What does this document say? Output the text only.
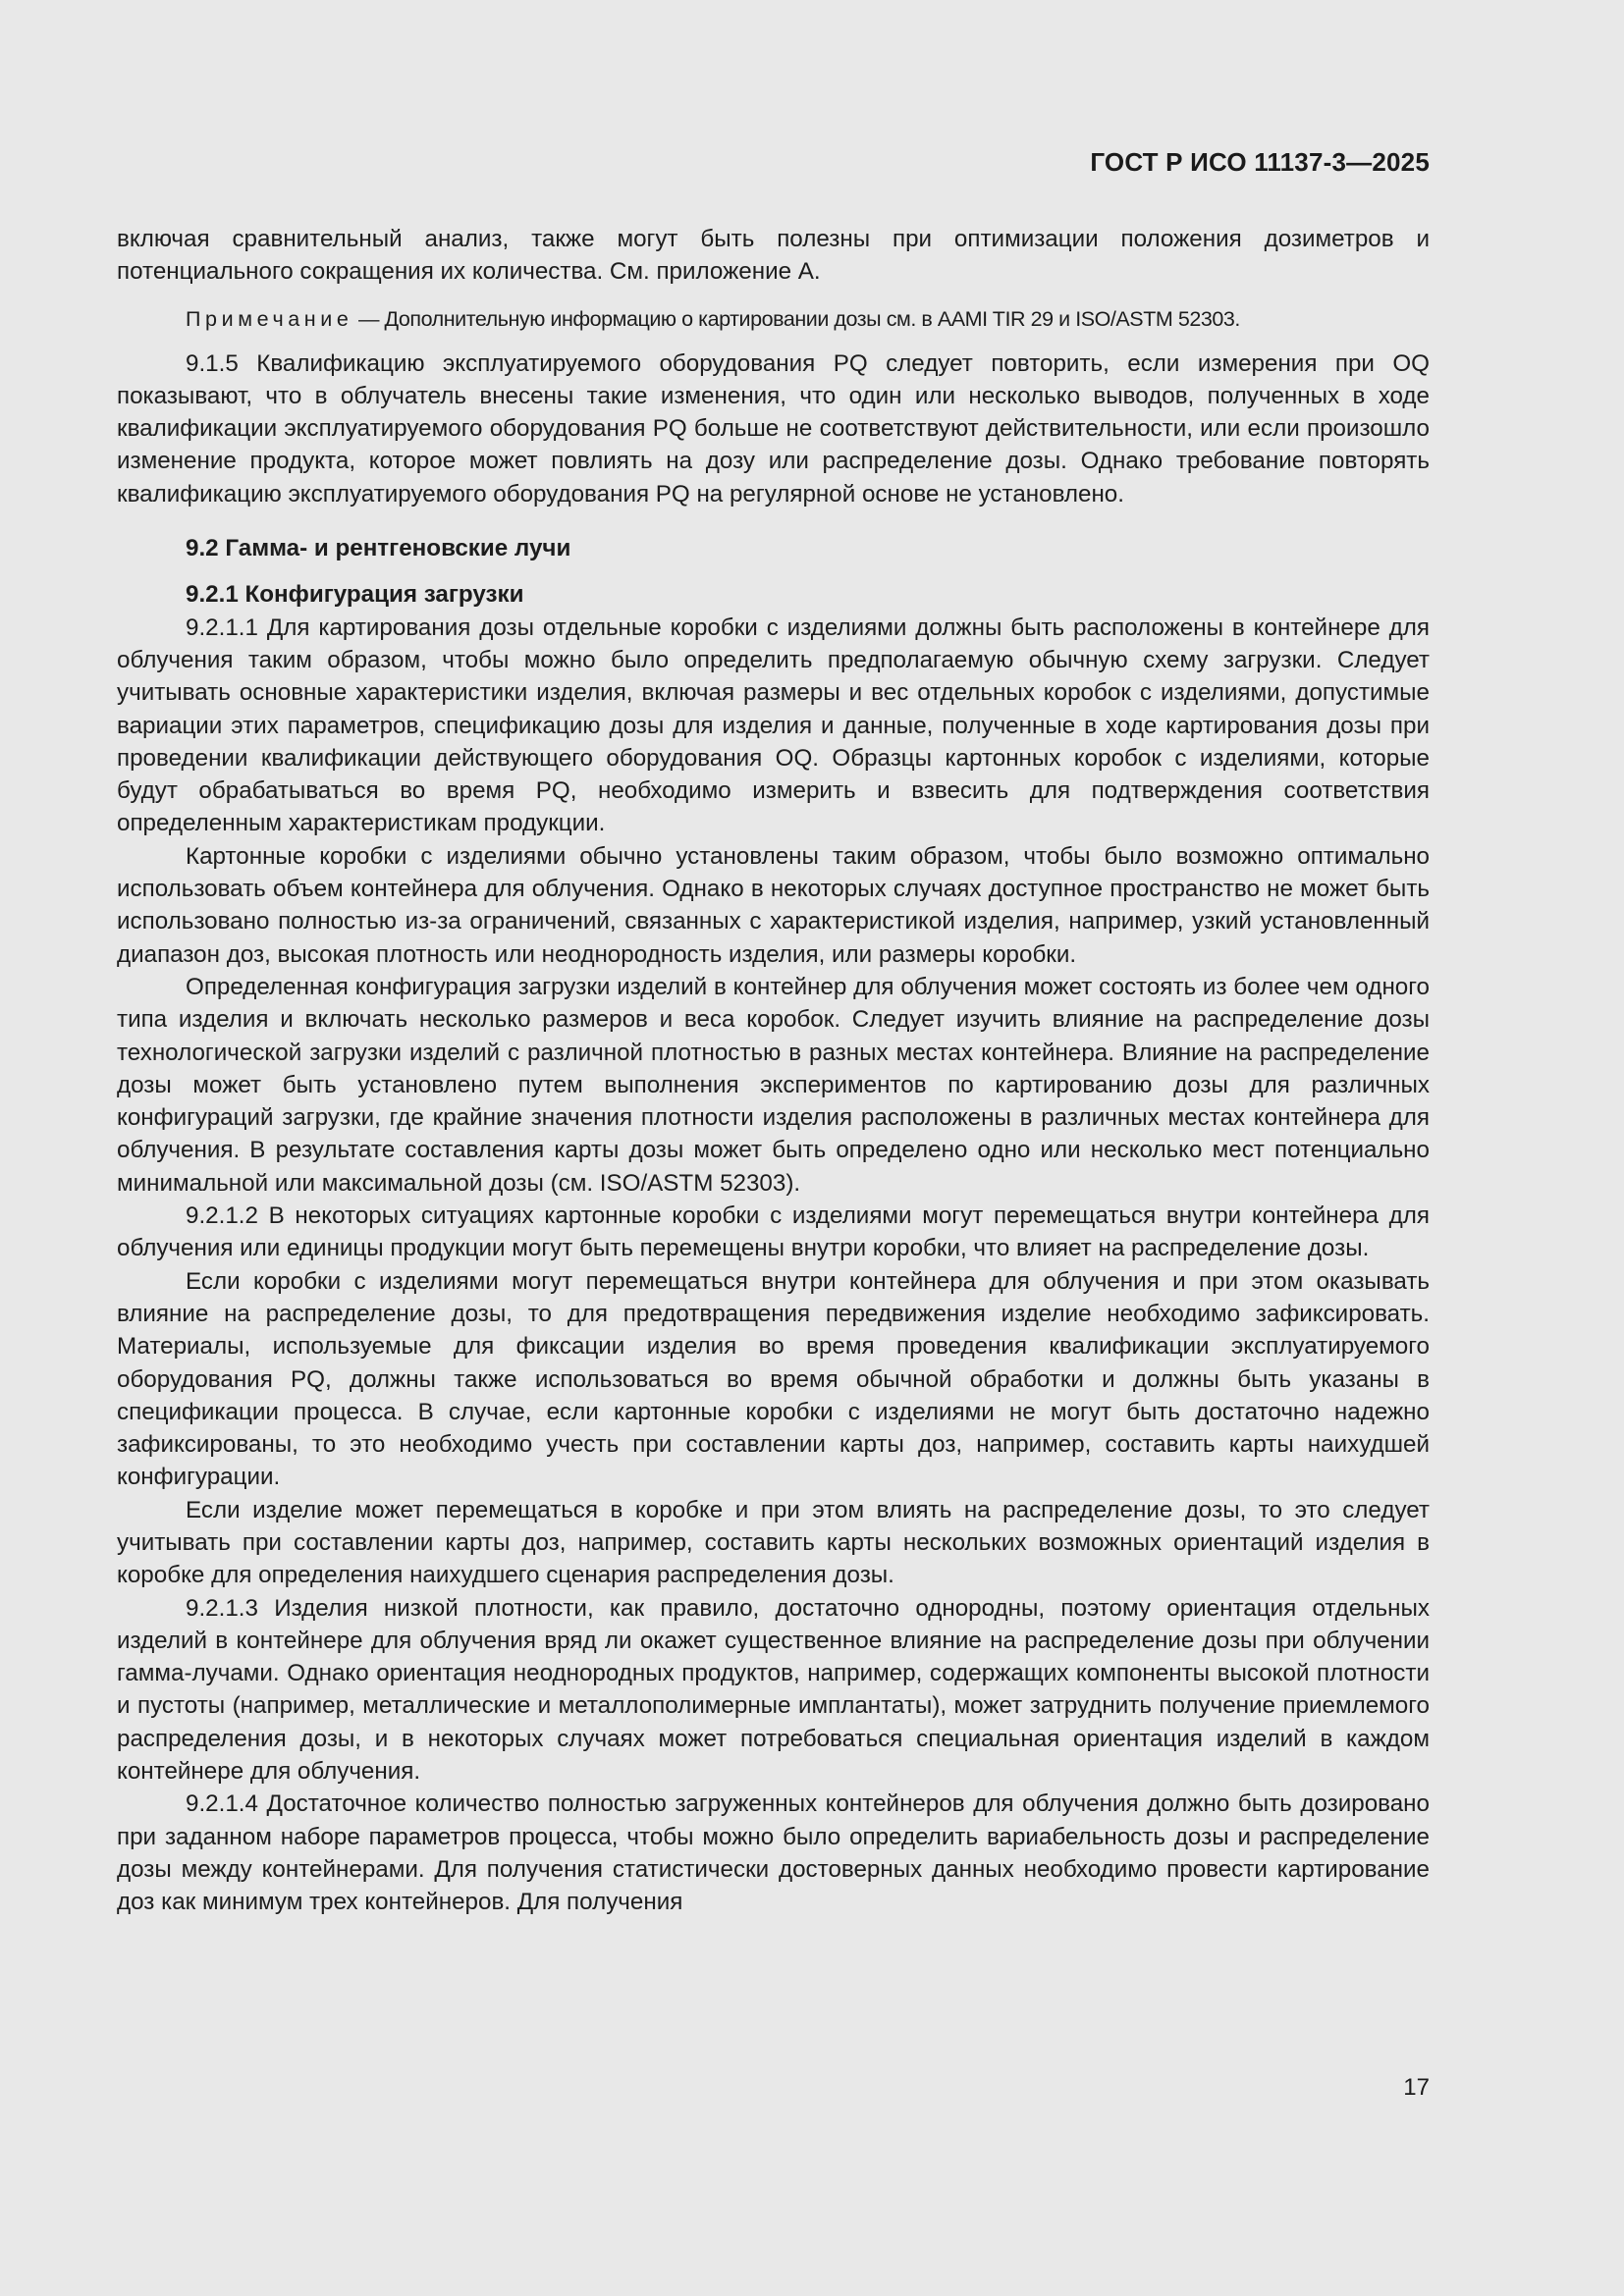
ГОСТ Р ИСО 11137-3—2025

включая сравнительный анализ, также могут быть полезны при оптимизации положения дозиметров и потенциального сокращения их количества. См. приложение А.

Примечание — Дополнительную информацию о картировании дозы см. в AAMI TIR 29 и ISO/ASTM 52303.

9.1.5 Квалификацию эксплуатируемого оборудования PQ следует повторить, если измерения при OQ показывают, что в облучатель внесены такие изменения, что один или несколько выводов, полученных в ходе квалификации эксплуатируемого оборудования PQ больше не соответствуют действительности, или если произошло изменение продукта, которое может повлиять на дозу или распределение дозы. Однако требование повторять квалификацию эксплуатируемого оборудования PQ на регулярной основе не установлено.

9.2 Гамма- и рентгеновские лучи

9.2.1 Конфигурация загрузки

9.2.1.1 Для картирования дозы отдельные коробки с изделиями должны быть расположены в контейнере для облучения таким образом, чтобы можно было определить предполагаемую обычную схему загрузки. Следует учитывать основные характеристики изделия, включая размеры и вес отдельных коробок с изделиями, допустимые вариации этих параметров, спецификацию дозы для изделия и данные, полученные в ходе картирования дозы при проведении квалификации действующего оборудования OQ. Образцы картонных коробок с изделиями, которые будут обрабатываться во время PQ, необходимо измерить и взвесить для подтверждения соответствия определенным характеристикам продукции.

Картонные коробки с изделиями обычно установлены таким образом, чтобы было возможно оптимально использовать объем контейнера для облучения. Однако в некоторых случаях доступное пространство не может быть использовано полностью из-за ограничений, связанных с характеристикой изделия, например, узкий установленный диапазон доз, высокая плотность или неоднородность изделия, или размеры коробки.

Определенная конфигурация загрузки изделий в контейнер для облучения может состоять из более чем одного типа изделия и включать несколько размеров и веса коробок. Следует изучить влияние на распределение дозы технологической загрузки изделий с различной плотностью в разных местах контейнера. Влияние на распределение дозы может быть установлено путем выполнения экспериментов по картированию дозы для различных конфигураций загрузки, где крайние значения плотности изделия расположены в различных местах контейнера для облучения. В результате составления карты дозы может быть определено одно или несколько мест потенциально минимальной или максимальной дозы (см. ISO/ASTM 52303).

9.2.1.2 В некоторых ситуациях картонные коробки с изделиями могут перемещаться внутри контейнера для облучения или единицы продукции могут быть перемещены внутри коробки, что влияет на распределение дозы.

Если коробки с изделиями могут перемещаться внутри контейнера для облучения и при этом оказывать влияние на распределение дозы, то для предотвращения передвижения изделие необходимо зафиксировать. Материалы, используемые для фиксации изделия во время проведения квалификации эксплуатируемого оборудования PQ, должны также использоваться во время обычной обработки и должны быть указаны в спецификации процесса. В случае, если картонные коробки с изделиями не могут быть достаточно надежно зафиксированы, то это необходимо учесть при составлении карты доз, например, составить карты наихудшей конфигурации.

Если изделие может перемещаться в коробке и при этом влиять на распределение дозы, то это следует учитывать при составлении карты доз, например, составить карты нескольких возможных ориентаций изделия в коробке для определения наихудшего сценария распределения дозы.

9.2.1.3 Изделия низкой плотности, как правило, достаточно однородны, поэтому ориентация отдельных изделий в контейнере для облучения вряд ли окажет существенное влияние на распределение дозы при облучении гамма-лучами. Однако ориентация неоднородных продуктов, например, содержащих компоненты высокой плотности и пустоты (например, металлические и металлополимерные имплантаты), может затруднить получение приемлемого распределения дозы, и в некоторых случаях может потребоваться специальная ориентация изделий в каждом контейнере для облучения.

9.2.1.4 Достаточное количество полностью загруженных контейнеров для облучения должно быть дозировано при заданном наборе параметров процесса, чтобы можно было определить вариабельность дозы и распределение дозы между контейнерами. Для получения статистически достоверных данных необходимо провести картирование доз как минимум трех контейнеров. Для получения

17
